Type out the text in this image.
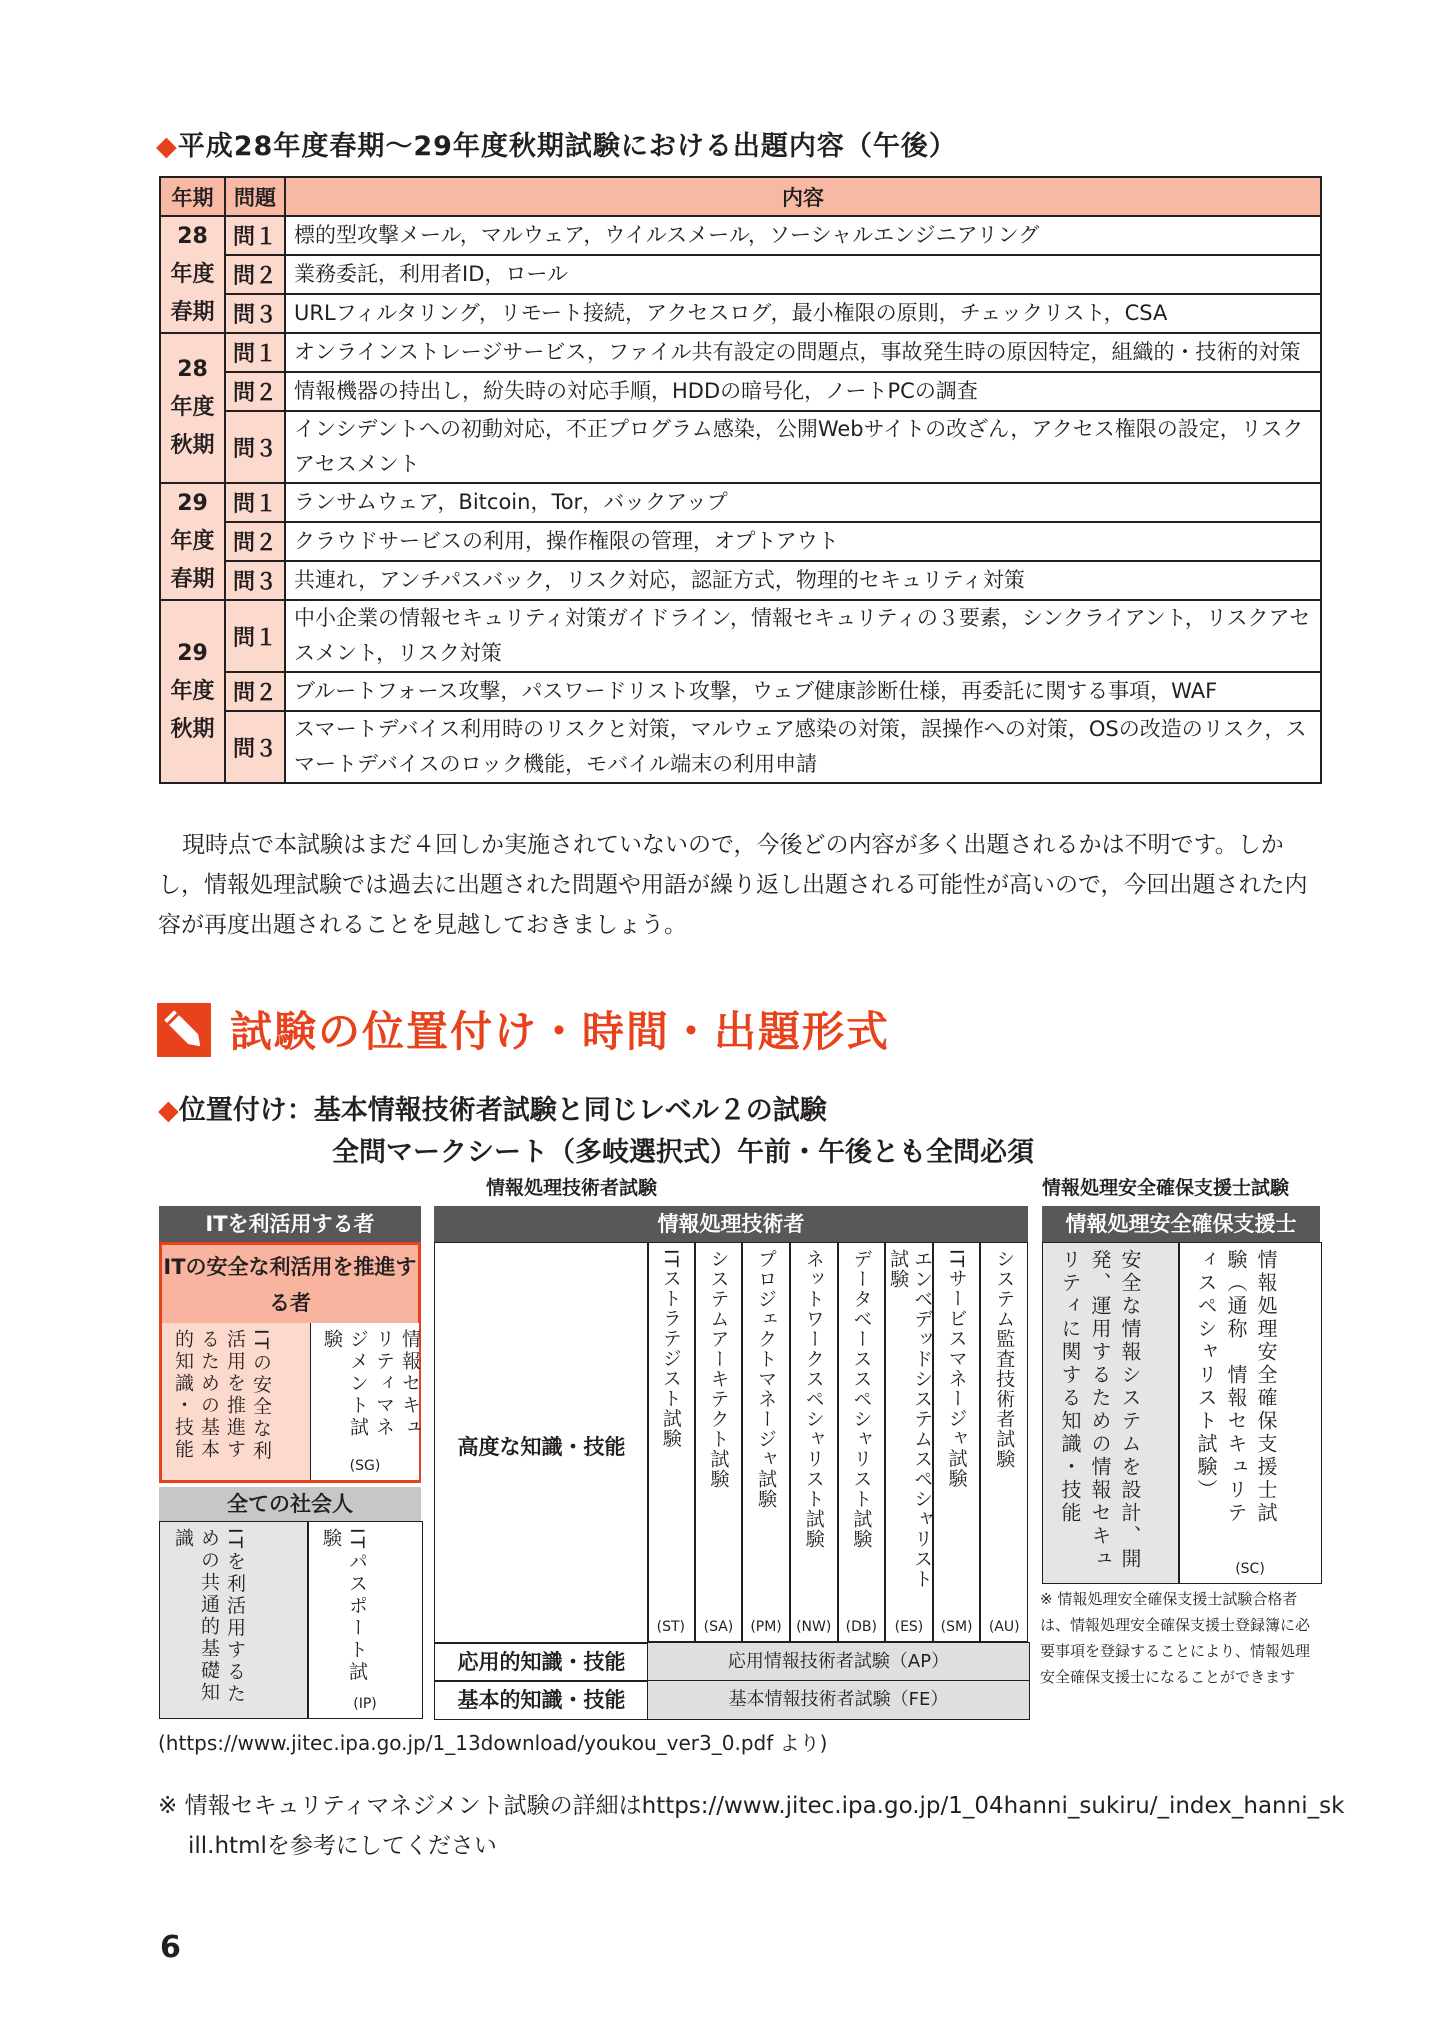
◆平成28年度春期〜29年度秋期試験における出題内容（午後）
年期	問題	内容
28
年度
春期	問１	標的型攻撃メール，マルウェア，ウイルスメール，ソーシャルエンジニアリング
	問２	業務委託，利用者ID，ロール
	問３	URLフィルタリング，リモート接続，アクセスログ，最小権限の原則，チェックリスト，CSA
28
年度
秋期	問１	オンラインストレージサービス，ファイル共有設定の問題点，事故発生時の原因特定，組織的・技術的対策
	問２	情報機器の持出し，紛失時の対応手順，HDDの暗号化，ノートPCの調査
	問３	インシデントへの初動対応，不正プログラム感染，公開Webサイトの改ざん，アクセス権限の設定，リスクアセスメント
29
年度
春期	問１	ランサムウェア，Bitcoin，Tor，バックアップ
	問２	クラウドサービスの利用，操作権限の管理，オプトアウト
	問３	共連れ，アンチパスバック，リスク対応，認証方式，物理的セキュリティ対策
29
年度
秋期	問１	中小企業の情報セキュリティ対策ガイドライン，情報セキュリティの３要素，シンクライアント，リスクアセスメント，リスク対策
	問２	ブルートフォース攻撃，パスワードリスト攻撃，ウェブ健康診断仕様，再委託に関する事項，WAF
	問３	スマートデバイス利用時のリスクと対策，マルウェア感染の対策，誤操作への対策，OSの改造のリスク，スマートデバイスのロック機能，モバイル端末の利用申請

現時点で本試験はまだ４回しか実施されていないので，今後どの内容が多く出題されるかは不明です。しかし，情報処理試験では過去に出題された問題や用語が繰り返し出題される可能性が高いので，今回出題された内容が再度出題されることを見越しておきましょう。

試験の位置付け・時間・出題形式
◆位置付け：基本情報技術者試験と同じレベル２の試験
全問マークシート（多岐選択式）午前・午後とも全問必須
情報処理技術者試験	情報処理安全確保支援士試験
ITを利活用する者
ITの安全な利活用を推進する者
ITの安全な利活用を推進するための基本的知識・技能	情報セキュリティマネジメント試験
(SG)
全ての社会人
ITを利活用するための共通的基礎知識	ITパスポート試験
(IP)
情報処理技術者
高度な知識・技能	ITストラテジスト試験
(ST)
システムアーキテクト試験
(SA)
プロジェクトマネージャ試験
(PM)
ネットワークスペシャリスト試験
(NW)
データベーススペシャリスト試験
(DB)
エンベデッドシステムスペシャリスト試験
(ES)
ITサービスマネージャ試験
(SM)
システム監査技術者試験
(AU)
応用的知識・技能	応用情報技術者試験（AP）
基本的知識・技能	基本情報技術者試験（FE）
情報処理安全確保支援士
安全な情報システムを設計、開発、運用するための情報セキュリティに関する知識・技能	情報処理安全確保支援士試験（通称　情報セキュリティスペシャリスト試験）
(SC)
※ 情報処理安全確保支援士試験合格者は、情報処理安全確保支援士登録簿に必要事項を登録することにより、情報処理安全確保支援士になることができます
(https://www.jitec.ipa.go.jp/1_13download/youkou_ver3_0.pdf より)
※ 情報セキュリティマネジメント試験の詳細はhttps://www.jitec.ipa.go.jp/1_04hanni_sukiru/_index_hanni_skill.htmlを参考にしてください
6
